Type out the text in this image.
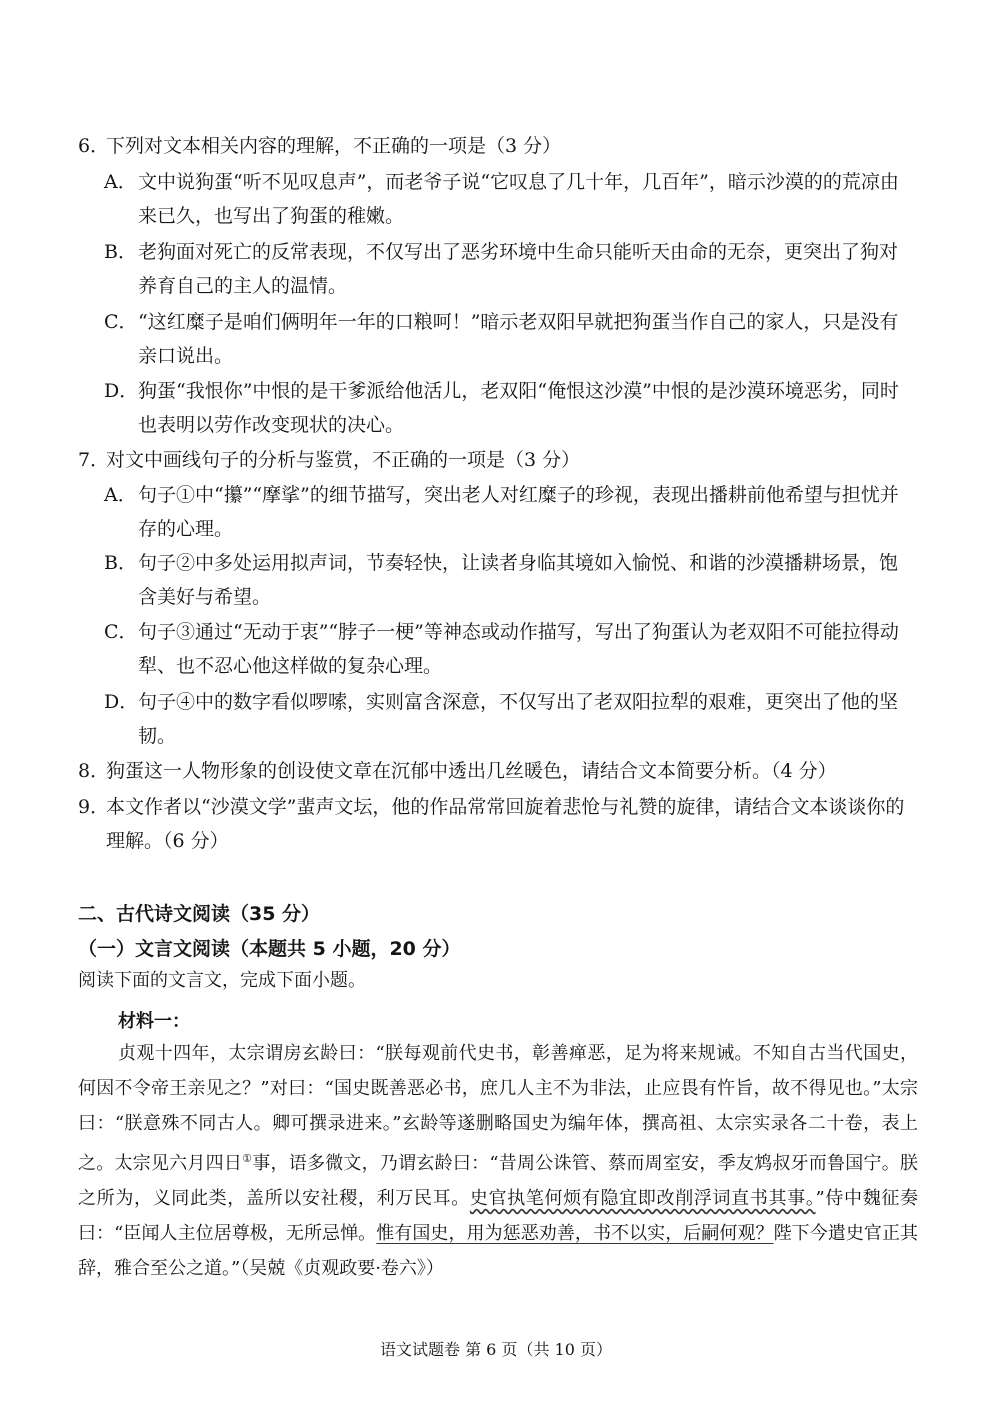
6．
下列对文本相关内容的理解，不正确的一项是（3 分）
A． 文中说狗蛋“听不见叹息声”，而老爷子说“它叹息了几十年，几百年”，暗示沙漠的的荒凉由来已久，也写出了狗蛋的稚嫩。
B． 老狗面对死亡的反常表现，不仅写出了恶劣环境中生命只能听天由命的无奈，更突出了狗对养育自己的主人的温情。
C． “这红糜子是咱们俩明年一年的口粮呵！”暗示老双阳早就把狗蛋当作自己的家人，只是没有亲口说出。
D． 狗蛋“我恨你”中恨的是干爹派给他活儿，老双阳“俺恨这沙漠”中恨的是沙漠环境恶劣，同时也表明以劳作改变现状的决心。
7．
对文中画线句子的分析与鉴赏，不正确的一项是（3 分）
A． 句子①中“攥”“摩挲”的细节描写，突出老人对红糜子的珍视，表现出播耕前他希望与担忧并存的心理。
B． 句子②中多处运用拟声词，节奏轻快，让读者身临其境如入愉悦、和谐的沙漠播耕场景，饱含美好与希望。
C． 句子③通过“无动于衷”“脖子一梗”等神态或动作描写，写出了狗蛋认为老双阳不可能拉得动犁、也不忍心他这样做的复杂心理。
D． 句子④中的数字看似啰嗦，实则富含深意，不仅写出了老双阳拉犁的艰难，更突出了他的坚韧。
8．
狗蛋这一人物形象的创设使文章在沉郁中透出几丝暖色，请结合文本简要分析。（4 分）
9．
本文作者以“沙漠文学”蜚声文坛，他的作品常常回旋着悲怆与礼赞的旋律，请结合文本谈谈你的理解。（6 分）
二、古代诗文阅读（35 分）
（一）文言文阅读（本题共 5 小题，20 分）
阅读下面的文言文，完成下面小题。
材料一：
贞观十四年，太宗谓房玄龄曰：“朕每观前代史书，彰善瘅恶，足为将来规诫。不知自古当代国史，何因不令帝王亲见之？”对曰：“国史既善恶必书，庶几人主不为非法，止应畏有忤旨，故不得见也。”太宗曰：“朕意殊不同古人。卿可撰录进来。”玄龄等遂删略国史为编年体，撰高祖、太宗实录各二十卷，表上之。太宗见六月四日①事，语多微文，乃谓玄龄曰：“昔周公诛管、蔡而周室安，季友鸩叔牙而鲁国宁。朕之所为，义同此类，盖所以安社稷，利万民耳。史官执笔何烦有隐宜即改削浮词直书其事。”侍中魏征奏曰：“臣闻人主位居尊极，无所忌惮。惟有国史，用为惩恶劝善，书不以实，后嗣何观？陛下今遣史官正其辞，雅合至公之道。”（吴兢《贞观政要·卷六》）
语文试题卷 第 6 页（共 10 页）
